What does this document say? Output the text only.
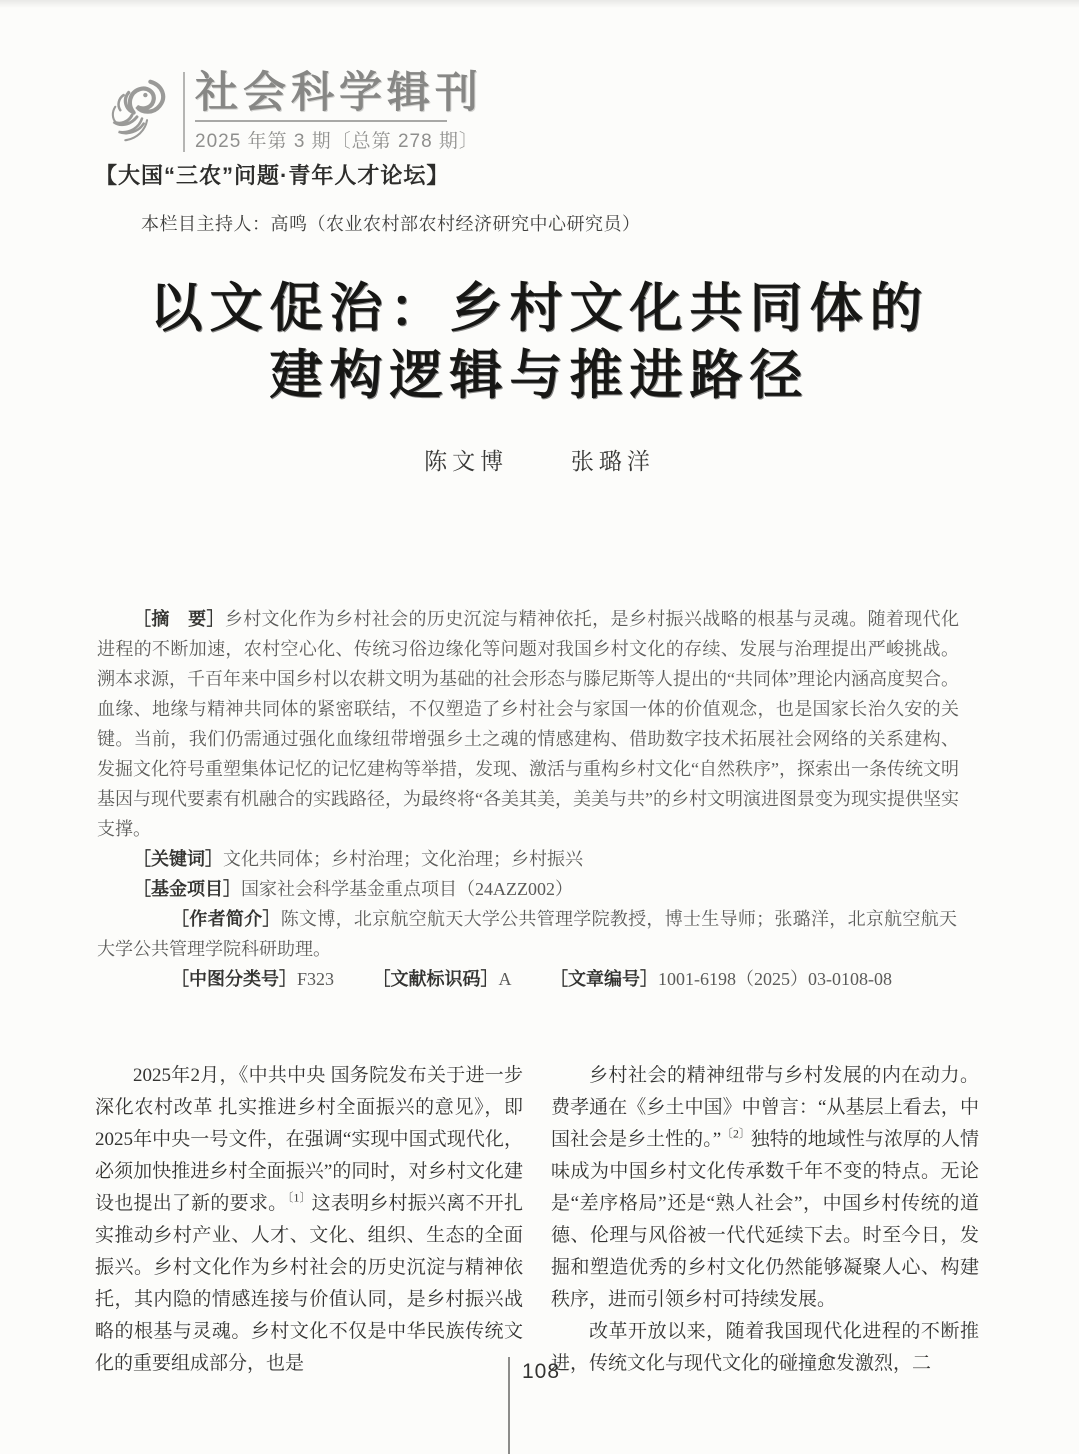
社会科学辑刊
2025 年第 3 期〔总第 278 期〕
【大国“三农”问题·青年人才论坛】
本栏目主持人：高鸣（农业农村部农村经济研究中心研究员）
以文促治：乡村文化共同体的
建构逻辑与推进路径
陈文博	张璐洋

［摘　要］乡村文化作为乡村社会的历史沉淀与精神依托，是乡村振兴战略的根基与灵魂。随着现代化进程的不断加速，农村空心化、传统习俗边缘化等问题对我国乡村文化的存续、发展与治理提出严峻挑战。溯本求源，千百年来中国乡村以农耕文明为基础的社会形态与滕尼斯等人提出的“共同体”理论内涵高度契合。血缘、地缘与精神共同体的紧密联结，不仅塑造了乡村社会与家国一体的价值观念，也是国家长治久安的关键。当前，我们仍需通过强化血缘纽带增强乡土之魂的情感建构、借助数字技术拓展社会网络的关系建构、发掘文化符号重塑集体记忆的记忆建构等举措，发现、激活与重构乡村文化“自然秩序”，探索出一条传统文明基因与现代要素有机融合的实践路径，为最终将“各美其美，美美与共”的乡村文明演进图景变为现实提供坚实支撑。

［关键词］文化共同体；乡村治理；文化治理；乡村振兴

［基金项目］国家社会科学基金重点项目（24AZZ002）

［作者简介］陈文博，北京航空航天大学公共管理学院教授，博士生导师；张璐洋，北京航空航天大学公共管理学院科研助理。

［中图分类号］F323 ［文献标识码］A ［文章编号］1001-6198（2025）03-0108-08

2025年2月，《中共中央 国务院发布关于进一步深化农村改革 扎实推进乡村全面振兴的意见》，即2025年中央一号文件，在强调“实现中国式现代化，必须加快推进乡村全面振兴”的同时，对乡村文化建设也提出了新的要求。$^{〔1〕}$这表明乡村振兴离不开扎实推动乡村产业、人才、文化、组织、生态的全面振兴。乡村文化作为乡村社会的历史沉淀与精神依托，其内隐的情感连接与价值认同，是乡村振兴战略的根基与灵魂。乡村文化不仅是中华民族传统文化的重要组成部分，也是

乡村社会的精神纽带与乡村发展的内在动力。费孝通在《乡土中国》中曾言：“从基层上看去，中国社会是乡土性的。”$^{〔2〕}$独特的地域性与浓厚的人情味成为中国乡村文化传承数千年不变的特点。无论是“差序格局”还是“熟人社会”，中国乡村传统的道德、伦理与风俗被一代代延续下去。时至今日，发掘和塑造优秀的乡村文化仍然能够凝聚人心、构建秩序，进而引领乡村可持续发展。

改革开放以来，随着我国现代化进程的不断推进，传统文化与现代文化的碰撞愈发激烈，二

108
